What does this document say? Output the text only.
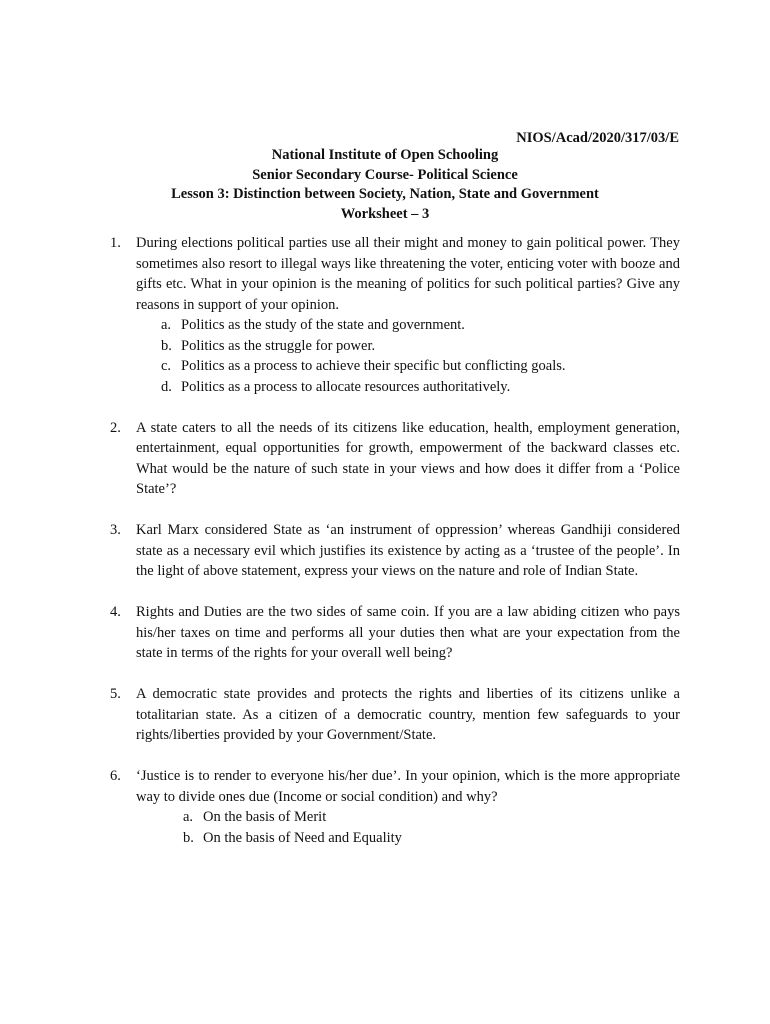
NIOS/Acad/2020/317/03/E
National Institute of Open Schooling
Senior Secondary Course- Political Science
Lesson 3: Distinction between Society, Nation, State and Government
Worksheet – 3
1.	During elections political parties use all their might and money to gain political power. They sometimes also resort to illegal ways like threatening the voter, enticing voter with booze and gifts etc. What in your opinion is the meaning of politics for such political parties? Give any reasons in support of your opinion.
a. Politics as the study of the state and government.
b. Politics as the struggle for power.
c. Politics as a process to achieve their specific but conflicting goals.
d. Politics as a process to allocate resources authoritatively.
2.	A state caters to all the needs of its citizens like education, health, employment generation, entertainment, equal opportunities for growth, empowerment of the backward classes etc. What would be the nature of such state in your views and how does it differ from a ‘Police State’?
3.	Karl Marx considered State as ‘an instrument of oppression’ whereas Gandhiji considered state as a necessary evil which justifies its existence by acting as a ‘trustee of the people’. In the light of above statement, express your views on the nature and role of Indian State.
4.	Rights and Duties are the two sides of same coin. If you are a law abiding citizen who pays his/her taxes on time and performs all your duties then what are your expectation from the state in terms of the rights for your overall well being?
5.	A democratic state provides and protects the rights and liberties of its citizens unlike a totalitarian state. As a citizen of a democratic country, mention few safeguards to your rights/liberties provided by your Government/State.
6.	‘Justice is to render to everyone his/her due’. In your opinion, which is the more appropriate way to divide ones due (Income or social condition) and why?
a. On the basis of Merit
b. On the basis of Need and Equality
